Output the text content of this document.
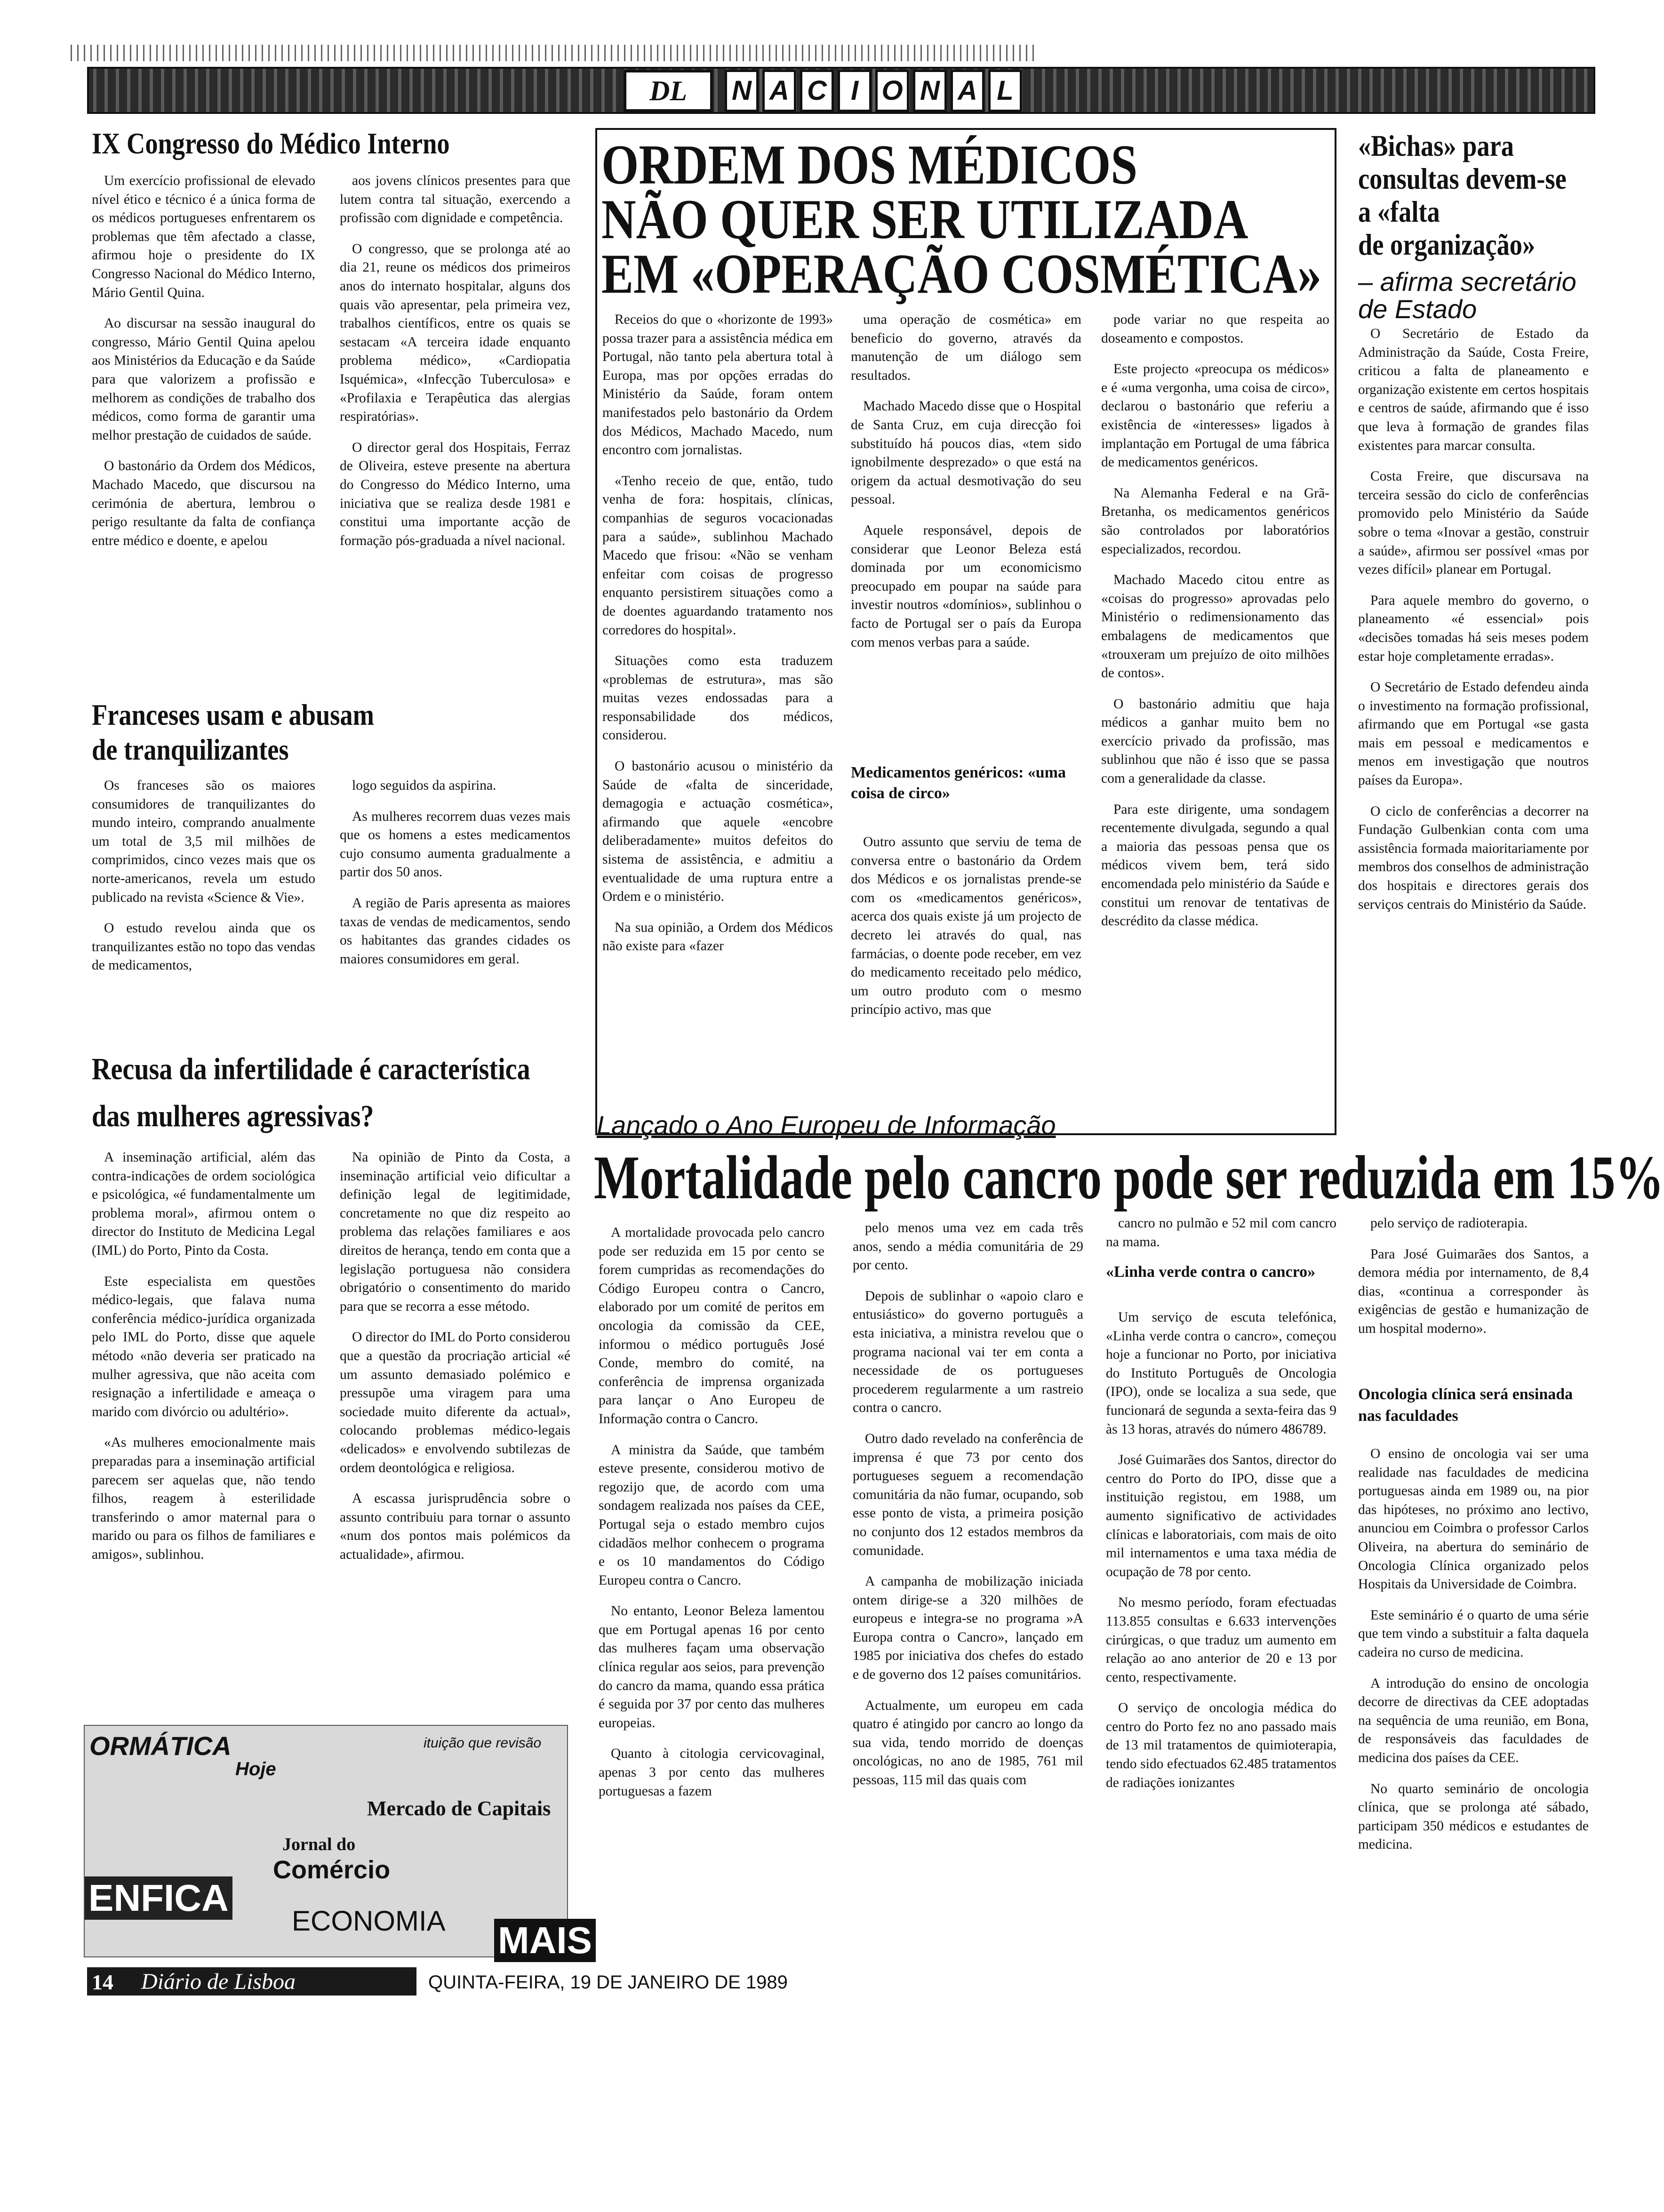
DL	N A C I O N A L
IX Congresso do Médico Interno

Um exercício profissional de elevado nível ético e técnico é a única forma de os médicos portugueses enfrentarem os problemas que têm afectado a classe, afirmou hoje o presidente do IX Congresso Nacional do Médico Interno, Mário Gentil Quina.

Ao discursar na sessão inaugural do congresso, Mário Gentil Quina apelou aos Ministérios da Educação e da Saúde para que valorizem a profissão e melhorem as condições de trabalho dos médicos, como forma de garantir uma melhor prestação de cuidados de saúde.

O bastonário da Ordem dos Médicos, Machado Macedo, que discursou na cerimónia de abertura, lembrou o perigo resultante da falta de confiança entre médico e doente, e apelou

aos jovens clínicos presentes para que lutem contra tal situação, exercendo a profissão com dignidade e competência.

O congresso, que se prolonga até ao dia 21, reune os médicos dos primeiros anos do internato hospitalar, alguns dos quais vão apresentar, pela primeira vez, trabalhos científicos, entre os quais se sestacam «A terceira idade enquanto problema médico», «Cardiopatia Isquémica», «Infecção Tuberculosa» e «Profilaxia e Terapêutica das alergias respiratórias».

O director geral dos Hospitais, Ferraz de Oliveira, esteve presente na abertura do Congresso do Médico Interno, uma iniciativa que se realiza desde 1981 e constitui uma importante acção de formação pós-graduada a nível nacional.

Franceses usam e abusam
de tranquilizantes

Os franceses são os maiores consumidores de tranquilizantes do mundo inteiro, comprando anualmente um total de 3,5 mil milhões de comprimidos, cinco vezes mais que os norte-americanos, revela um estudo publicado na revista «Science & Vie».

O estudo revelou ainda que os tranquilizantes estão no topo das vendas de medicamentos,

logo seguidos da aspirina.

As mulheres recorrem duas vezes mais que os homens a estes medicamentos cujo consumo aumenta gradualmente a partir dos 50 anos.

A região de Paris apresenta as maiores taxas de vendas de medicamentos, sendo os habitantes das grandes cidades os maiores consumidores em geral.

Recusa da infertilidade é característica
das mulheres agressivas?

A inseminação artificial, além das contra-indicações de ordem sociológica e psicológica, «é fundamentalmente um problema moral», afirmou ontem o director do Instituto de Medicina Legal (IML) do Porto, Pinto da Costa.

Este especialista em questões médico-legais, que falava numa conferência médico-jurídica organizada pelo IML do Porto, disse que aquele método «não deveria ser praticado na mulher agressiva, que não aceita com resignação a infertilidade e ameaça o marido com divórcio ou adultério».

«As mulheres emocionalmente mais preparadas para a inseminação artificial parecem ser aquelas que, não tendo filhos, reagem à esterilidade transferindo o amor maternal para o marido ou para os filhos de familiares e amigos», sublinhou.

Na opinião de Pinto da Costa, a inseminação artificial veio dificultar a definição legal de legitimidade, concretamente no que diz respeito ao problema das relações familiares e aos direitos de herança, tendo em conta que a legislação portuguesa não considera obrigatório o consentimento do marido para que se recorra a esse método.

O director do IML do Porto considerou que a questão da procriação articial «é um assunto demasiado polémico e pressupõe uma viragem para uma sociedade muito diferente da actual», colocando problemas médico-legais «delicados» e envolvendo subtilezas de ordem deontológica e religiosa.

A escassa jurisprudência sobre o assunto contribuiu para tornar o assunto «num dos pontos mais polémicos da actualidade», afirmou.

ORDEM DOS MÉDICOS
NÃO QUER SER UTILIZADA
EM «OPERAÇÃO COSMÉTICA»

Receios do que o «horizonte de 1993» possa trazer para a assistência médica em Portugal, não tanto pela abertura total à Europa, mas por opções erradas do Ministério da Saúde, foram ontem manifestados pelo bastonário da Ordem dos Médicos, Machado Macedo, num encontro com jornalistas.

«Tenho receio de que, então, tudo venha de fora: hospitais, clínicas, companhias de seguros vocacionadas para a saúde», sublinhou Machado Macedo que frisou: «Não se venham enfeitar com coisas de progresso enquanto persistirem situações como a de doentes aguardando tratamento nos corredores do hospital».

Situações como esta traduzem «problemas de estrutura», mas são muitas vezes endossadas para a responsabilidade dos médicos, considerou.

O bastonário acusou o ministério da Saúde de «falta de sinceridade, demagogia e actuação cosmética», afirmando que aquele «encobre deliberadamente» muitos defeitos do sistema de assistência, e admitiu a eventualidade de uma ruptura entre a Ordem e o ministério.

Na sua opinião, a Ordem dos Médicos não existe para «fazer

uma operação de cosmética» em beneficio do governo, através da manutenção de um diálogo sem resultados.

Machado Macedo disse que o Hospital de Santa Cruz, em cuja direcção foi substituído há poucos dias, «tem sido ignobilmente desprezado» o que está na origem da actual desmotivação do seu pessoal.

Aquele responsável, depois de considerar que Leonor Beleza está dominada por um economicismo preocupado em poupar na saúde para investir noutros «domínios», sublinhou o facto de Portugal ser o país da Europa com menos verbas para a saúde.

Medicamentos genéricos: «uma coisa de circo»

Outro assunto que serviu de tema de conversa entre o bastonário da Ordem dos Médicos e os jornalistas prende-se com os «medicamentos genéricos», acerca dos quais existe já um projecto de decreto lei através do qual, nas farmácias, o doente pode receber, em vez do medicamento receitado pelo médico, um outro produto com o mesmo princípio activo, mas que

pode variar no que respeita ao doseamento e compostos.

Este projecto «preocupa os médicos» e é «uma vergonha, uma coisa de circo», declarou o bastonário que referiu a existência de «interesses» ligados à implantação em Portugal de uma fábrica de medicamentos genéricos.

Na Alemanha Federal e na Grã-Bretanha, os medicamentos genéricos são controlados por laboratórios especializados, recordou.

Machado Macedo citou entre as «coisas do progresso» aprovadas pelo Ministério o redimensionamento das embalagens de medicamentos que «trouxeram um prejuízo de oito milhões de contos».

O bastonário admitiu que haja médicos a ganhar muito bem no exercício privado da profissão, mas sublinhou que não é isso que se passa com a generalidade da classe.

Para este dirigente, uma sondagem recentemente divulgada, segundo a qual a maioria das pessoas pensa que os médicos vivem bem, terá sido encomendada pelo ministério da Saúde e constitui um renovar de tentativas de descrédito da classe médica.

«Bichas» para
consultas devem-se
a «falta
de organização»
– afirma secretário
de Estado

O Secretário de Estado da Administração da Saúde, Costa Freire, criticou a falta de planeamento e organização existente em certos hospitais e centros de saúde, afirmando que é isso que leva à formação de grandes filas existentes para marcar consulta.

Costa Freire, que discursava na terceira sessão do ciclo de conferências promovido pelo Ministério da Saúde sobre o tema «Inovar a gestão, construir a saúde», afirmou ser possível «mas por vezes difícil» planear em Portugal.

Para aquele membro do governo, o planeamento «é essencial» pois «decisões tomadas há seis meses podem estar hoje completamente erradas».

O Secretário de Estado defendeu ainda o investimento na formação profissional, afirmando que em Portugal «se gasta mais em pessoal e medicamentos e menos em investigação que noutros países da Europa».

O ciclo de conferências a decorrer na Fundação Gulbenkian conta com uma assistência formada maioritariamente por membros dos conselhos de administração dos hospitais e directores gerais dos serviços centrais do Ministério da Saúde.

Lançado o Ano Europeu de Informação
Mortalidade pelo cancro pode ser reduzida em 15%

A mortalidade provocada pelo cancro pode ser reduzida em 15 por cento se forem cumpridas as recomendações do Código Europeu contra o Cancro, elaborado por um comité de peritos em oncologia da comissão da CEE, informou o médico português José Conde, membro do comité, na conferência de imprensa organizada para lançar o Ano Europeu de Informação contra o Cancro.

A ministra da Saúde, que também esteve presente, considerou motivo de regozijo que, de acordo com uma sondagem realizada nos países da CEE, Portugal seja o estado membro cujos cidadãos melhor conhecem o programa e os 10 mandamentos do Código Europeu contra o Cancro.

No entanto, Leonor Beleza lamentou que em Portugal apenas 16 por cento das mulheres façam uma observação clínica regular aos seios, para prevenção do cancro da mama, quando essa prática é seguida por 37 por cento das mulheres europeias.

Quanto à citologia cervicovaginal, apenas 3 por cento das mulheres portuguesas a fazem

pelo menos uma vez em cada três anos, sendo a média comunitária de 29 por cento.

Depois de sublinhar o «apoio claro e entusiástico» do governo português a esta iniciativa, a ministra revelou que o programa nacional vai ter em conta a necessidade de os portugueses procederem regularmente a um rastreio contra o cancro.

Outro dado revelado na conferência de imprensa é que 73 por cento dos portugueses seguem a recomendação comunitária da não fumar, ocupando, sob esse ponto de vista, a primeira posição no conjunto dos 12 estados membros da comunidade.

A campanha de mobilização iniciada ontem dirige-se a 320 milhões de europeus e integra-se no programa »A Europa contra o Cancro», lançado em 1985 por iniciativa dos chefes do estado e de governo dos 12 países comunitários.

Actualmente, um europeu em cada quatro é atingido por cancro ao longo da sua vida, tendo morrido de doenças oncológicas, no ano de 1985, 761 mil pessoas, 115 mil das quais com

cancro no pulmão e 52 mil com cancro na mama.

«Linha verde contra o cancro»

Um serviço de escuta telefónica, «Linha verde contra o cancro», começou hoje a funcionar no Porto, por iniciativa do Instituto Português de Oncologia (IPO), onde se localiza a sua sede, que funcionará de segunda a sexta-feira das 9 às 13 horas, através do número 486789.

José Guimarães dos Santos, director do centro do Porto do IPO, disse que a instituição registou, em 1988, um aumento significativo de actividades clínicas e laboratoriais, com mais de oito mil internamentos e uma taxa média de ocupação de 78 por cento.

No mesmo período, foram efectuadas 113.855 consultas e 6.633 intervenções cirúrgicas, o que traduz um aumento em relação ao ano anterior de 20 e 13 por cento, respectivamente.

O serviço de oncologia médica do centro do Porto fez no ano passado mais de 13 mil tratamentos de quimioterapia, tendo sido efectuados 62.485 tratamentos de radiações ionizantes

pelo serviço de radioterapia.

Para José Guimarães dos Santos, a demora média por internamento, de 8,4 dias, «continua a corresponder às exigências de gestão e humanização de um hospital moderno».

Oncologia clínica será ensinada nas faculdades

O ensino de oncologia vai ser uma realidade nas faculdades de medicina portuguesas ainda em 1989 ou, na pior das hipóteses, no próximo ano lectivo, anunciou em Coimbra o professor Carlos Oliveira, na abertura do seminário de Oncologia Clínica organizado pelos Hospitais da Universidade de Coimbra.

Este seminário é o quarto de uma série que tem vindo a substituir a falta daquela cadeira no curso de medicina.

A introdução do ensino de oncologia decorre de directivas da CEE adoptadas na sequência de uma reunião, em Bona, de responsáveis das faculdades de medicina dos países da CEE.

No quarto seminário de oncologia clínica, que se prolonga até sábado, participam 350 médicos e estudantes de medicina.

ORMÁTICA
Hoje
ituição que revisão
Mercado de Capitais
Jornal do
Comércio
ECONOMIA
ENFICA
MAIS
14 Diário de Lisboa	QUINTA-FEIRA, 19 DE JANEIRO DE 1989
